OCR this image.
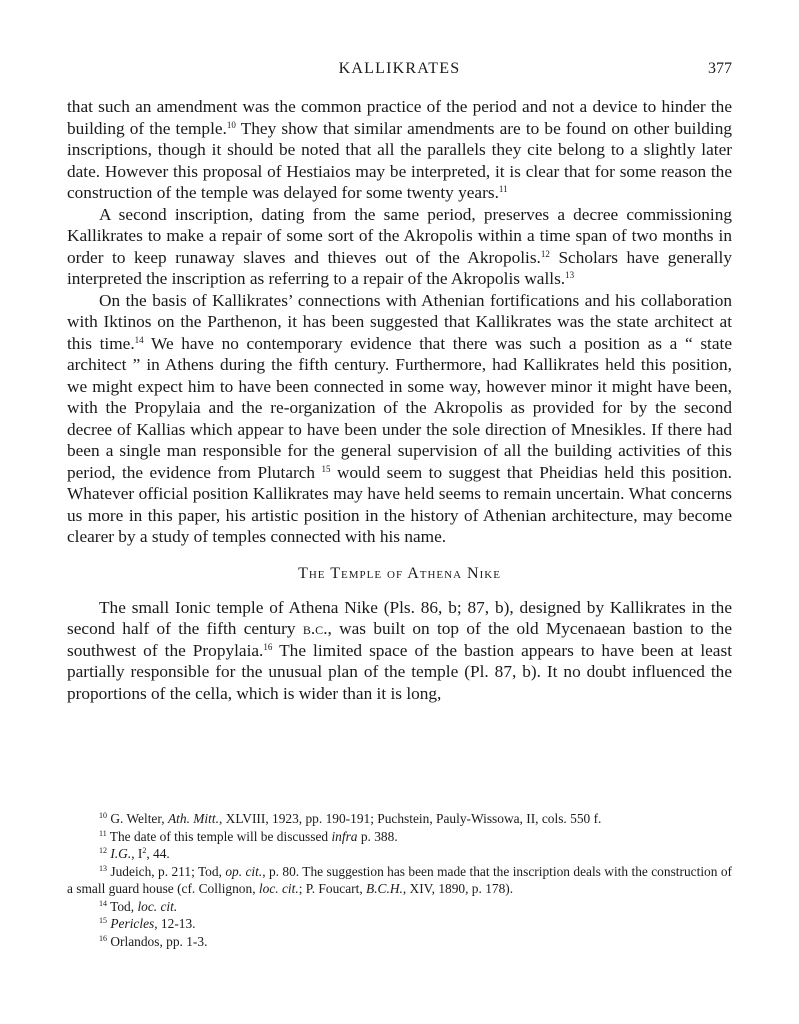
KALLIKRATES	377

that such an amendment was the common practice of the period and not a device to hinder the building of the temple.$^{10}$ They show that similar amendments are to be found on other building inscriptions, though it should be noted that all the parallels they cite belong to a slightly later date. However this proposal of Hestiaios may be interpreted, it is clear that for some reason the construction of the temple was delayed for some twenty years.$^{11}$

A second inscription, dating from the same period, preserves a decree commissioning Kallikrates to make a repair of some sort of the Akropolis within a time span of two months in order to keep runaway slaves and thieves out of the Akropolis.$^{12}$ Scholars have generally interpreted the inscription as referring to a repair of the Akropolis walls.$^{13}$

On the basis of Kallikrates’ connections with Athenian fortifications and his collaboration with Iktinos on the Parthenon, it has been suggested that Kallikrates was the state architect at this time.$^{14}$ We have no contemporary evidence that there was such a position as a “ state architect ” in Athens during the fifth century. Furthermore, had Kallikrates held this position, we might expect him to have been connected in some way, however minor it might have been, with the Propylaia and the re-organization of the Akropolis as provided for by the second decree of Kallias which appear to have been under the sole direction of Mnesikles. If there had been a single man responsible for the general supervision of all the building activities of this period, the evidence from Plutarch $^{15}$ would seem to suggest that Pheidias held this position. Whatever official position Kallikrates may have held seems to remain uncertain. What concerns us more in this paper, his artistic position in the history of Athenian architecture, may become clearer by a study of temples connected with his name.

The Temple of Athena Nike

The small Ionic temple of Athena Nike (Pls. 86, b; 87, b), designed by Kallikrates in the second half of the fifth century b.c., was built on top of the old Mycenaean bastion to the southwest of the Propylaia.$^{16}$ The limited space of the bastion appears to have been at least partially responsible for the unusual plan of the temple (Pl. 87, b). It no doubt influenced the proportions of the cella, which is wider than it is long,

$^{10}$ G. Welter, Ath. Mitt., XLVIII, 1923, pp. 190-191; Puchstein, Pauly-Wissowa, II, cols. 550 f.

$^{11}$ The date of this temple will be discussed infra p. 388.

$^{12}$ I.G., $I^2$, 44.

$^{13}$ Judeich, p. 211; Tod, op. cit., p. 80. The suggestion has been made that the inscription deals with the construction of a small guard house (cf. Collignon, loc. cit.; P. Foucart, B.C.H., XIV, 1890, p. 178).

$^{14}$ Tod, loc. cit.

$^{15}$ Pericles, 12-13.

$^{16}$ Orlandos, pp. 1-3.
